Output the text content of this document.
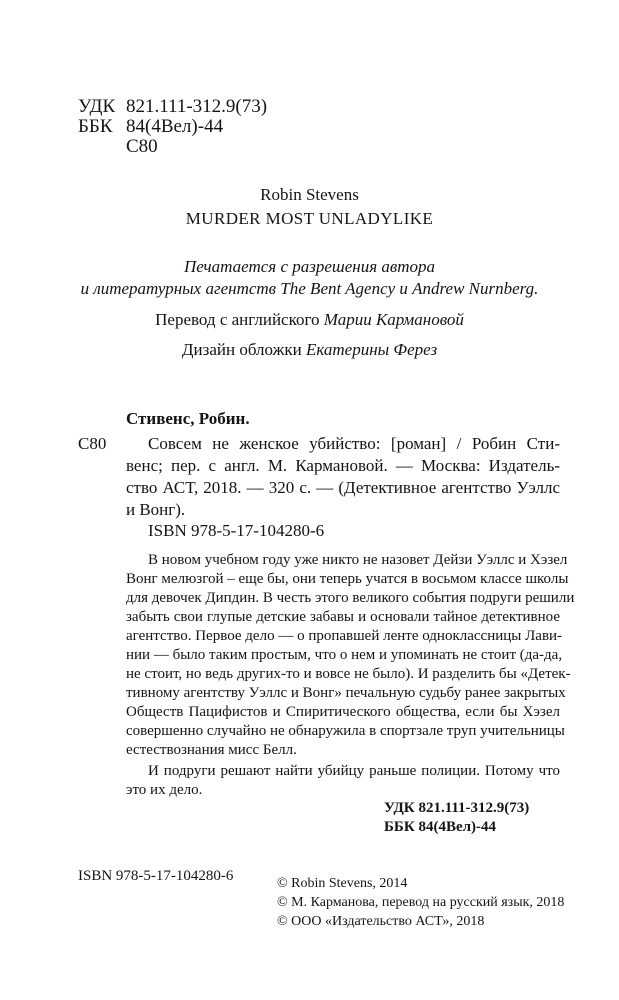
УДК 821.111-312.9(73)
ББК 84(4Вел)-44
С80
Robin Stevens
MURDER MOST UNLADYLIKE
Печатается с разрешения автора
и литературных агентств The Bent Agency и Andrew Nurnberg.
Перевод с английского Марии Кармановой
Дизайн обложки Екатерины Ферез
Стивенс, Робин.
С80 Совсем не женское убийство: [роман] / Робин Сти-
венс; пер. с англ. М. Кармановой. — Москва: Издатель-
ство АСТ, 2018. — 320 с. — (Детективное агентство Уэллс
и Вонг).
ISBN 978-5-17-104280-6
В новом учебном году уже никто не назовет Дейзи Уэллс и Хэзел
Вонг мелюзгой – еще бы, они теперь учатся в восьмом классе школы
для девочек Дипдин. В честь этого великого события подруги решили
забыть свои глупые детские забавы и основали тайное детективное
агентство. Первое дело — о пропавшей ленте одноклассницы Лави-
нии — было таким простым, что о нем и упоминать не стоит (да-да,
не стоит, но ведь других-то и вовсе не было). И разделить бы «Детек-
тивному агентству Уэллс и Вонг» печальную судьбу ранее закрытых
Обществ Пацифистов и Спиритического общества, если бы Хэзел
совершенно случайно не обнаружила в спортзале труп учительницы
естествознания мисс Белл.
И подруги решают найти убийцу раньше полиции. Потому что
это их дело.
УДК 821.111-312.9(73)
ББК 84(4Вел)-44
ISBN 978-5-17-104280-6	© Robin Stevens, 2014
© М. Карманова, перевод на русский язык, 2018
© ООО «Издательство АСТ», 2018
